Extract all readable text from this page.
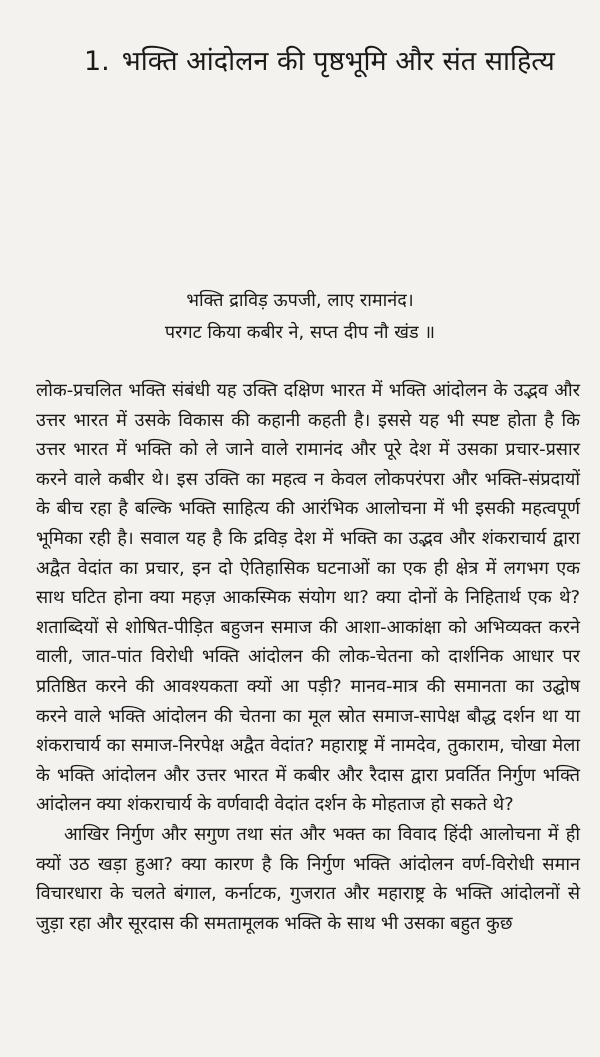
1. भक्ति आंदोलन की पृष्ठभूमि और संत साहित्य
भक्ति द्राविड़ ऊपजी, लाए रामानंद।
परगट किया कबीर ने, सप्त दीप नौ खंड ॥

लोक-प्रचलित भक्ति संबंधी यह उक्ति दक्षिण भारत में भक्ति आंदोलन के उद्भव और उत्तर भारत में उसके विकास की कहानी कहती है। इससे यह भी स्पष्ट होता है कि उत्तर भारत में भक्ति को ले जाने वाले रामानंद और पूरे देश में उसका प्रचार-प्रसार करने वाले कबीर थे। इस उक्ति का महत्व न केवल लोकपरंपरा और भक्ति-संप्रदायों के बीच रहा है बल्कि भक्ति साहित्य की आरंभिक आलोचना में भी इसकी महत्वपूर्ण भूमिका रही है। सवाल यह है कि द्रविड़ देश में भक्ति का उद्भव और शंकराचार्य द्वारा अद्वैत वेदांत का प्रचार, इन दो ऐतिहासिक घटनाओं का एक ही क्षेत्र में लगभग एक साथ घटित होना क्या महज़ आकस्मिक संयोग था? क्या दोनों के निहितार्थ एक थे? शताब्दियों से शोषित-पीड़ित बहुजन समाज की आशा-आकांक्षा को अभिव्यक्त करने वाली, जात-पांत विरोधी भक्ति आंदोलन की लोक-चेतना को दार्शनिक आधार पर प्रतिष्ठित करने की आवश्यकता क्यों आ पड़ी? मानव-मात्र की समानता का उद्घोष करने वाले भक्ति आंदोलन की चेतना का मूल स्रोत समाज-सापेक्ष बौद्ध दर्शन था या शंकराचार्य का समाज-निरपेक्ष अद्वैत वेदांत? महाराष्ट्र में नामदेव, तुकाराम, चोखा मेला के भक्ति आंदोलन और उत्तर भारत में कबीर और रैदास द्वारा प्रवर्तित निर्गुण भक्ति आंदोलन क्या शंकराचार्य के वर्णवादी वेदांत दर्शन के मोहताज हो सकते थे?

आखिर निर्गुण और सगुण तथा संत और भक्त का विवाद हिंदी आलोचना में ही क्यों उठ खड़ा हुआ? क्या कारण है कि निर्गुण भक्ति आंदोलन वर्ण-विरोधी समान विचारधारा के चलते बंगाल, कर्नाटक, गुजरात और महाराष्ट्र के भक्ति आंदोलनों से जुड़ा रहा और सूरदास की समतामूलक भक्ति के साथ भी उसका बहुत कुछ
